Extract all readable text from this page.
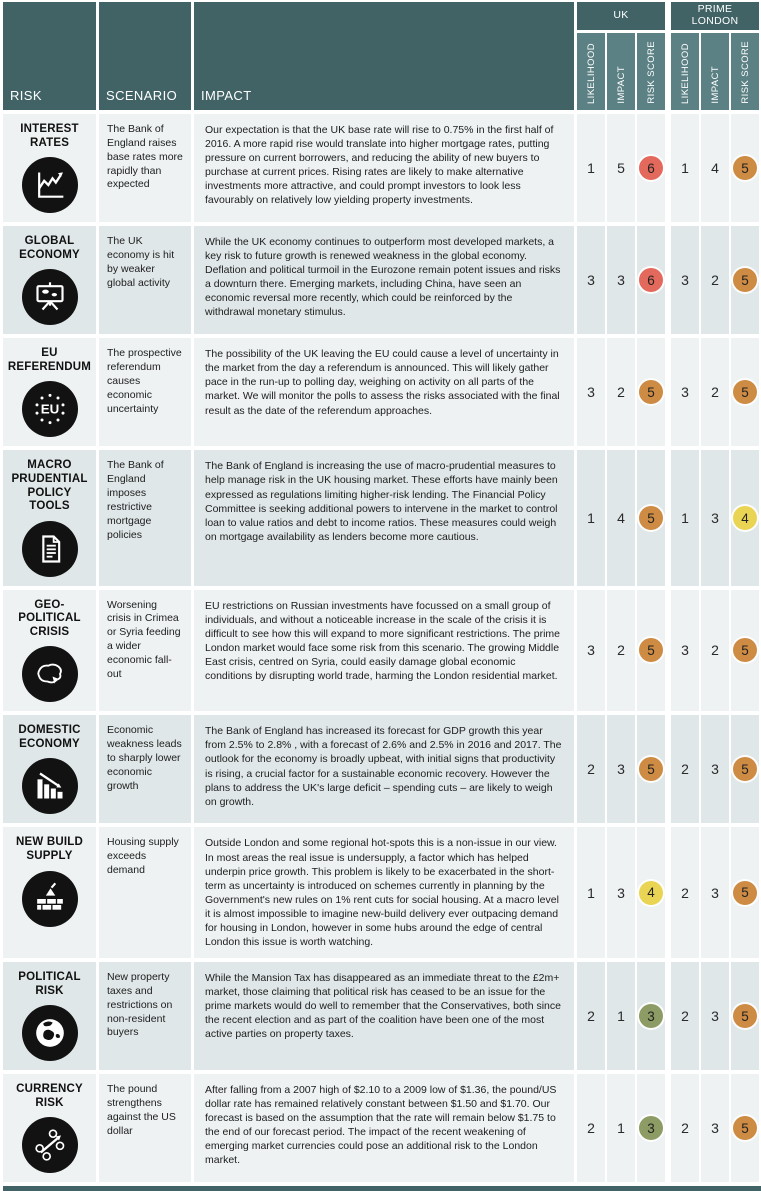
RISK	SCENARIO IMPACT
UK
LIKELIHOOD IMPACT RISK SCORE
PRIME LONDON
LIKELIHOOD IMPACT RISK SCORE
INTEREST RATES
The Bank of England raises base rates more rapidly than expected
Our expectation is that the UK base rate will rise to 0.75% in the first half of 2016. A more rapid rise would translate into higher mortgage rates, putting pressure on current borrowers, and reducing the ability of new buyers to purchase at current prices. Rising rates are likely to make alternative investments more attractive, and could prompt investors to look less favourably on relatively low yielding property investments.
1	5	6	1	4	5
GLOBAL ECONOMY
The UK economy is hit by weaker global activity
While the UK economy continues to outperform most developed markets, a key risk to future growth is renewed weakness in the global economy. Deflation and political turmoil in the Eurozone remain potent issues and risks a downturn there. Emerging markets, including China, have seen an economic reversal more recently, which could be reinforced by the withdrawal monetary stimulus.
3	3	6	3	2	5
EU REFERENDUM
EU
The prospective referendum causes economic uncertainty
The possibility of the UK leaving the EU could cause a level of uncertainty in the market from the day a referendum is announced. This will likely gather pace in the run-up to polling day, weighing on activity on all parts of the market. We will monitor the polls to assess the risks associated with the final result as the date of the referendum approaches.
3	2	5	3	2	5
MACRO PRUDENTIAL POLICY TOOLS
The Bank of England imposes restrictive mortgage policies
The Bank of England is increasing the use of macro-prudential measures to help manage risk in the UK housing market. These efforts have mainly been expressed as regulations limiting higher-risk lending. The Financial Policy Committee is seeking additional powers to intervene in the market to control loan to value ratios and debt to income ratios. These measures could weigh on mortgage availability as lenders become more cautious.
1	4	5	1	3	4
GEO-POLITICAL CRISIS
Worsening crisis in Crimea or Syria feeding a wider economic fall-out
EU restrictions on Russian investments have focussed on a small group of individuals, and without a noticeable increase in the scale of the crisis it is difficult to see how this will expand to more significant restrictions. The prime London market would face some risk from this scenario. The growing Middle East crisis, centred on Syria, could easily damage global economic conditions by disrupting world trade, harming the London residential market.
3	2	5	3	2	5
DOMESTIC ECONOMY
Economic weakness leads to sharply lower economic growth
The Bank of England has increased its forecast for GDP growth this year from 2.5% to 2.8% , with a forecast of 2.6% and 2.5% in 2016 and 2017. The outlook for the economy is broadly upbeat, with initial signs that productivity is rising, a crucial factor for a sustainable economic recovery. However the plans to address the UK's large deficit – spending cuts – are likely to weigh on growth.
2	3	5	2	3	5
NEW BUILD SUPPLY
Housing supply exceeds demand
Outside London and some regional hot-spots this is a non-issue in our view. In most areas the real issue is undersupply, a factor which has helped underpin price growth. This problem is likely to be exacerbated in the short-term as uncertainty is introduced on schemes currently in planning by the Government's new rules on 1% rent cuts for social housing. At a macro level it is almost impossible to imagine new-build delivery ever outpacing demand for housing in London, however in some hubs around the edge of central London this issue is worth watching.
1	3	4	2	3	5
POLITICAL RISK
New property taxes and restrictions on non-resident buyers
While the Mansion Tax has disappeared as an immediate threat to the £2m+ market, those claiming that political risk has ceased to be an issue for the prime markets would do well to remember that the Conservatives, both since the recent election and as part of the coalition have been one of the most active parties on property taxes.
2	1	3	2	3	5
CURRENCY RISK
The pound strengthens against the US dollar
After falling from a 2007 high of $2.10 to a 2009 low of $1.36, the pound/US dollar rate has remained relatively constant between $1.50 and $1.70. Our forecast is based on the assumption that the rate will remain below $1.75 to the end of our forecast period. The impact of the recent weakening of emerging market currencies could pose an additional risk to the London market.
2	1	3	2	3	5
